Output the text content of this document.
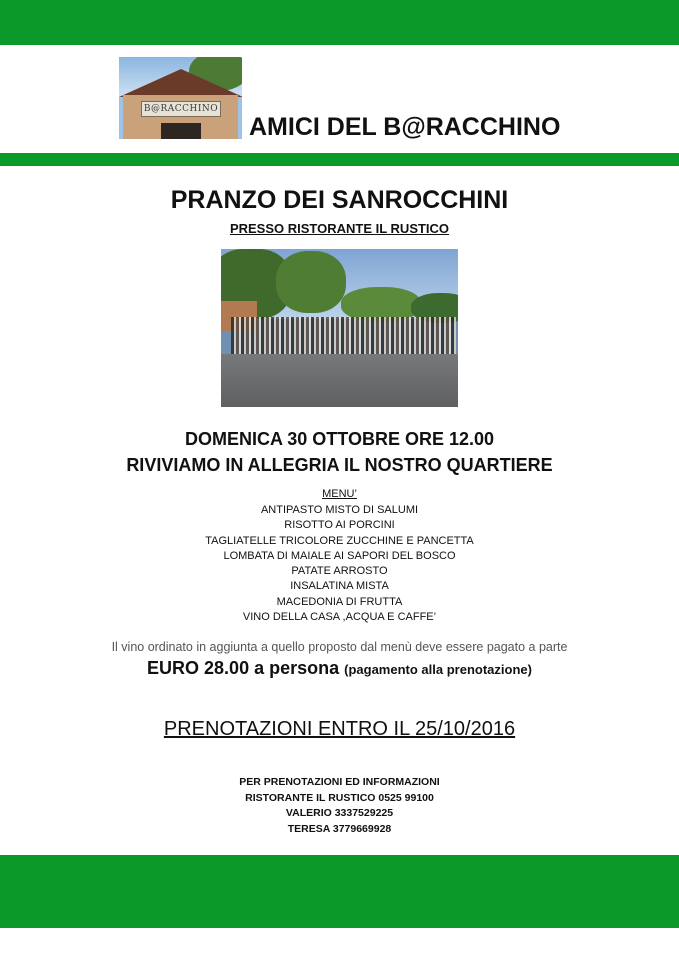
B@RACCHINO
AMICI DEL B@RACCHINO
PRANZO DEI SANROCCHINI
PRESSO RISTORANTE IL RUSTICO
DOMENICA 30 OTTOBRE ORE 12.00
RIVIVIAMO IN ALLEGRIA IL NOSTRO QUARTIERE
MENU’
ANTIPASTO MISTO DI SALUMI
RISOTTO AI PORCINI
TAGLIATELLE TRICOLORE ZUCCHINE E PANCETTA
LOMBATA DI MAIALE AI SAPORI DEL BOSCO
PATATE ARROSTO
INSALATINA MISTA
MACEDONIA DI FRUTTA
VINO DELLA CASA ,ACQUA E CAFFE’
Il vino ordinato in aggiunta a quello proposto dal menù deve essere pagato a parte
EURO 28.00 a persona (pagamento alla prenotazione)
PRENOTAZIONI ENTRO IL 25/10/2016
PER PRENOTAZIONI ED INFORMAZIONI
RISTORANTE IL RUSTICO 0525 99100
VALERIO 3337529225
TERESA 3779669928
